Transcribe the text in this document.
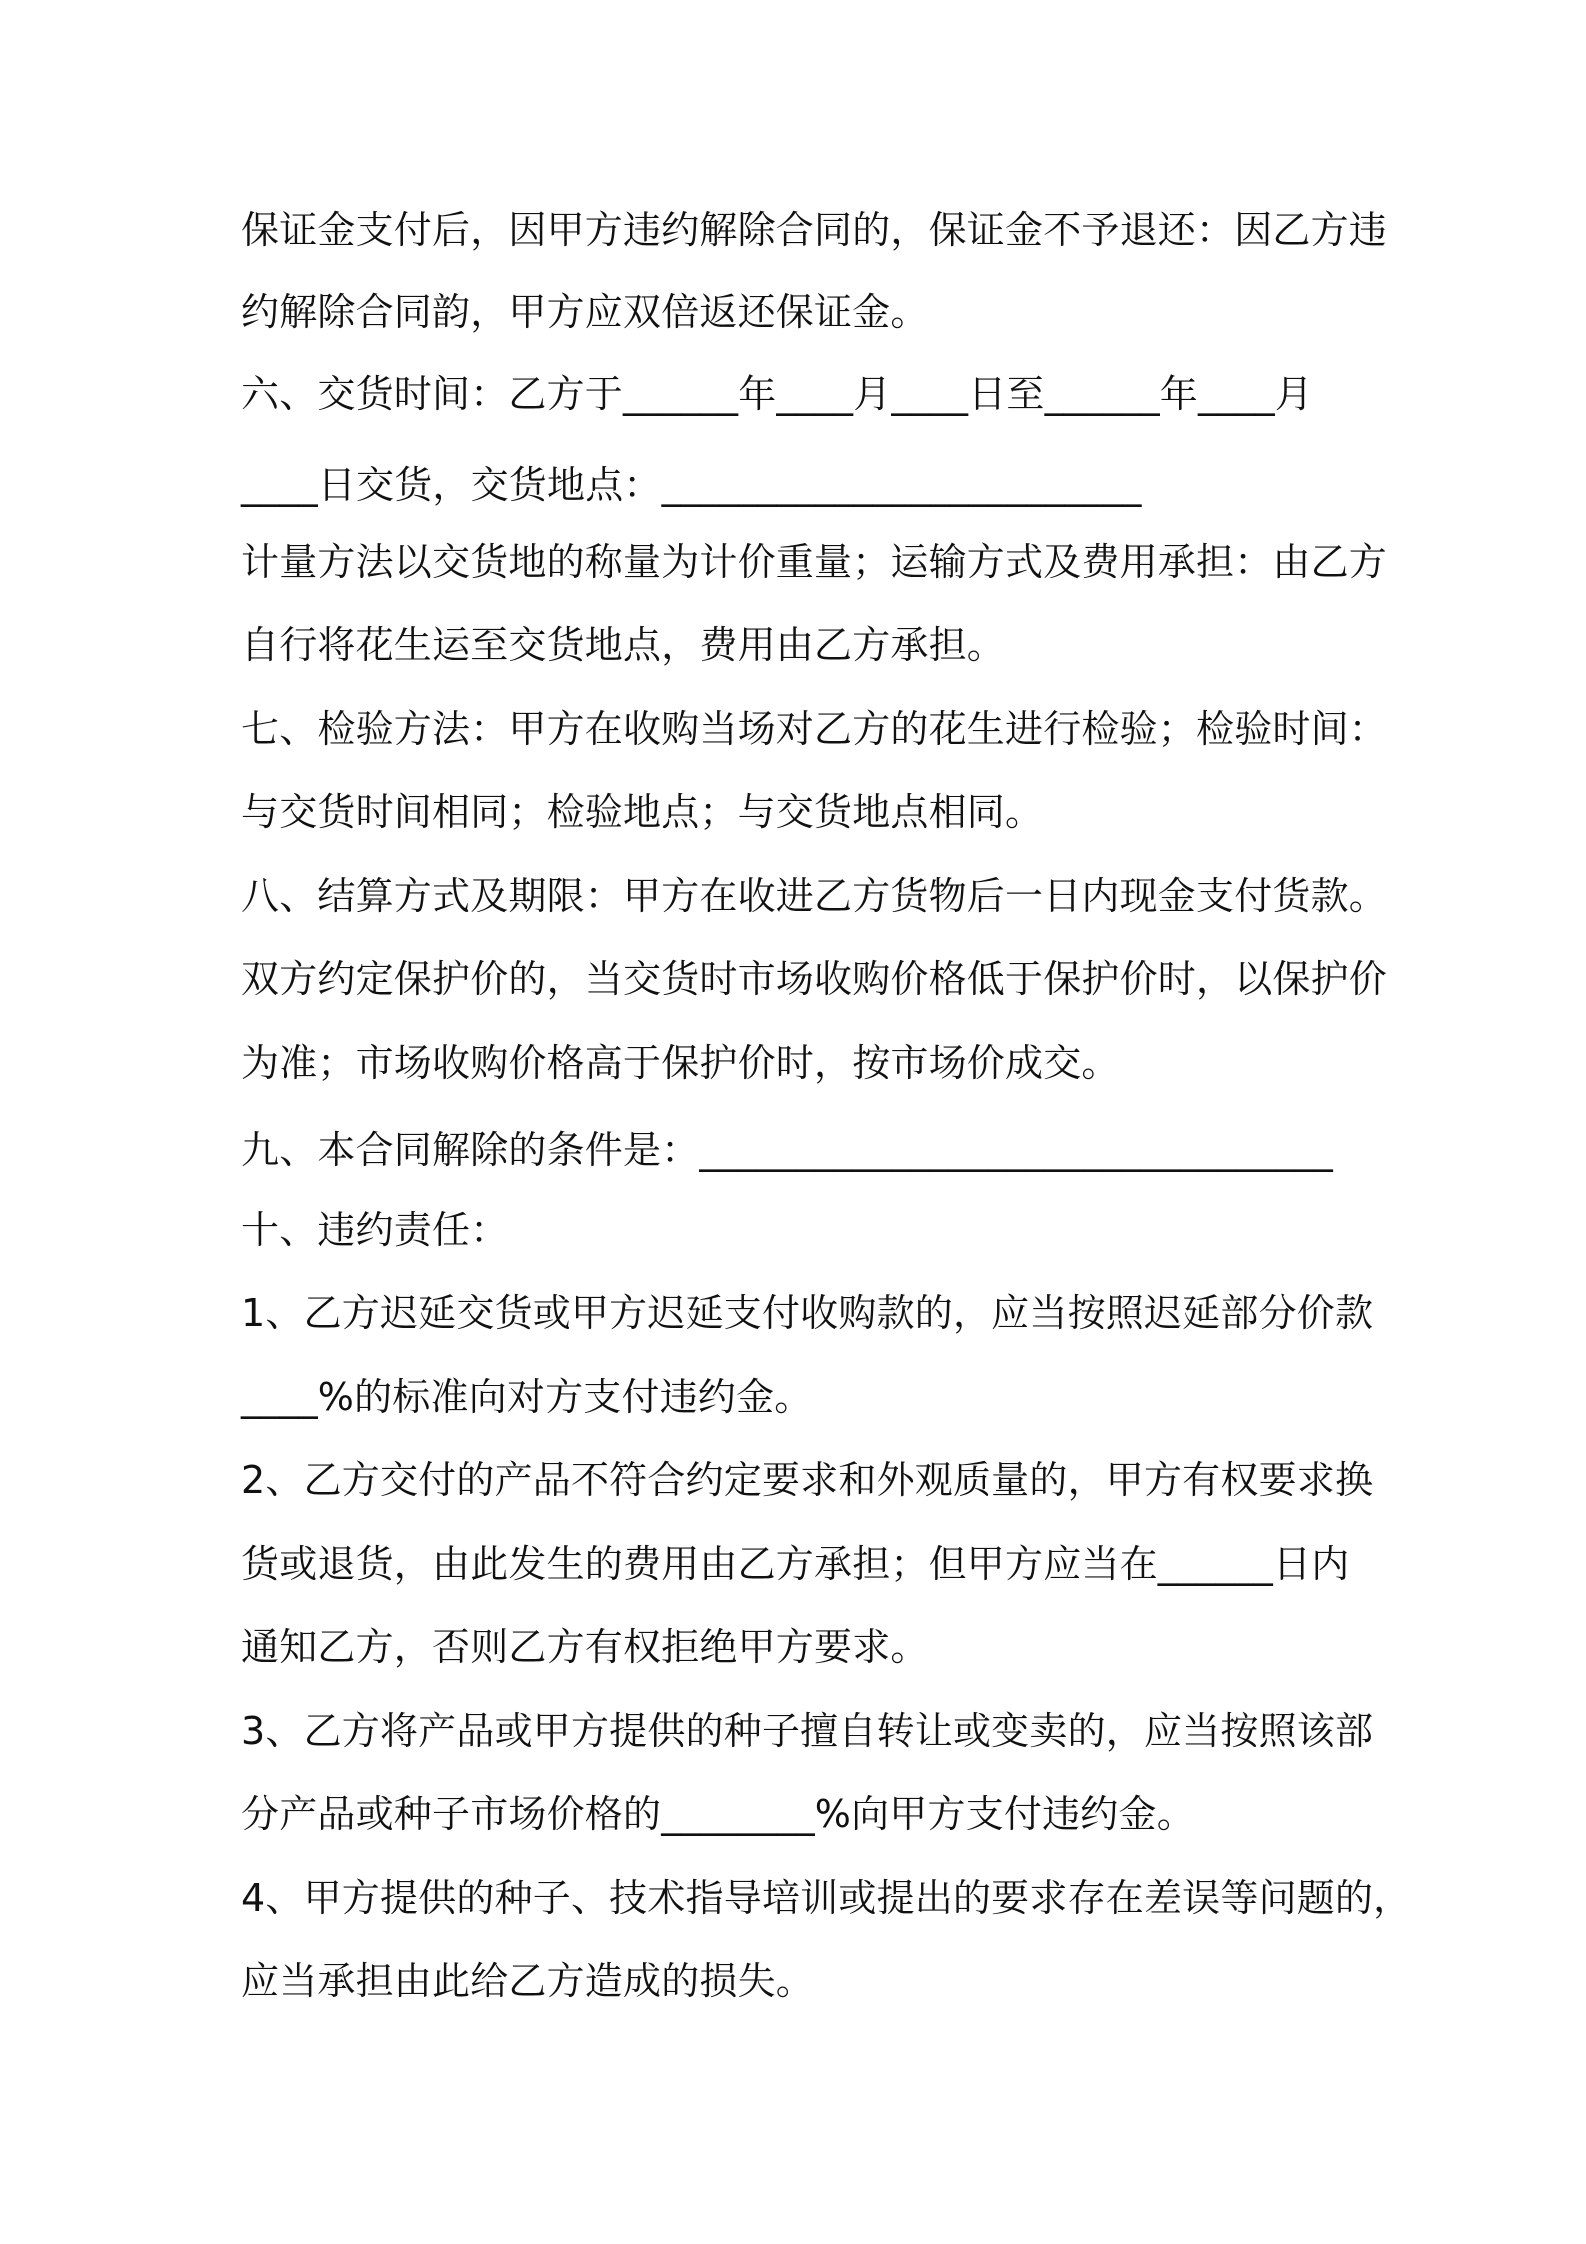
保证金支付后，因甲方违约解除合同的，保证金不予退还：因乙方违
约解除合同韵，甲方应双倍返还保证金。
六、交货时间：乙方于______年____月____日至______年____月
____日交货，交货地点：_________________________
计量方法以交货地的称量为计价重量；运输方式及费用承担：由乙方
自行将花生运至交货地点，费用由乙方承担。
七、检验方法：甲方在收购当场对乙方的花生进行检验；检验时间：
与交货时间相同；检验地点；与交货地点相同。
八、结算方式及期限：甲方在收进乙方货物后一日内现金支付货款。
双方约定保护价的，当交货时市场收购价格低于保护价时，以保护价
为准；市场收购价格高于保护价时，按市场价成交。
九、本合同解除的条件是：_________________________________
十、违约责任：
1、乙方迟延交货或甲方迟延支付收购款的，应当按照迟延部分价款
____%的标准向对方支付违约金。
2、乙方交付的产品不符合约定要求和外观质量的，甲方有权要求换
货或退货，由此发生的费用由乙方承担；但甲方应当在______日内
通知乙方，否则乙方有权拒绝甲方要求。
3、乙方将产品或甲方提供的种子擅自转让或变卖的，应当按照该部
分产品或种子市场价格的________%向甲方支付违约金。
4、甲方提供的种子、技术指导培训或提出的要求存在差误等问题的，
应当承担由此给乙方造成的损失。
